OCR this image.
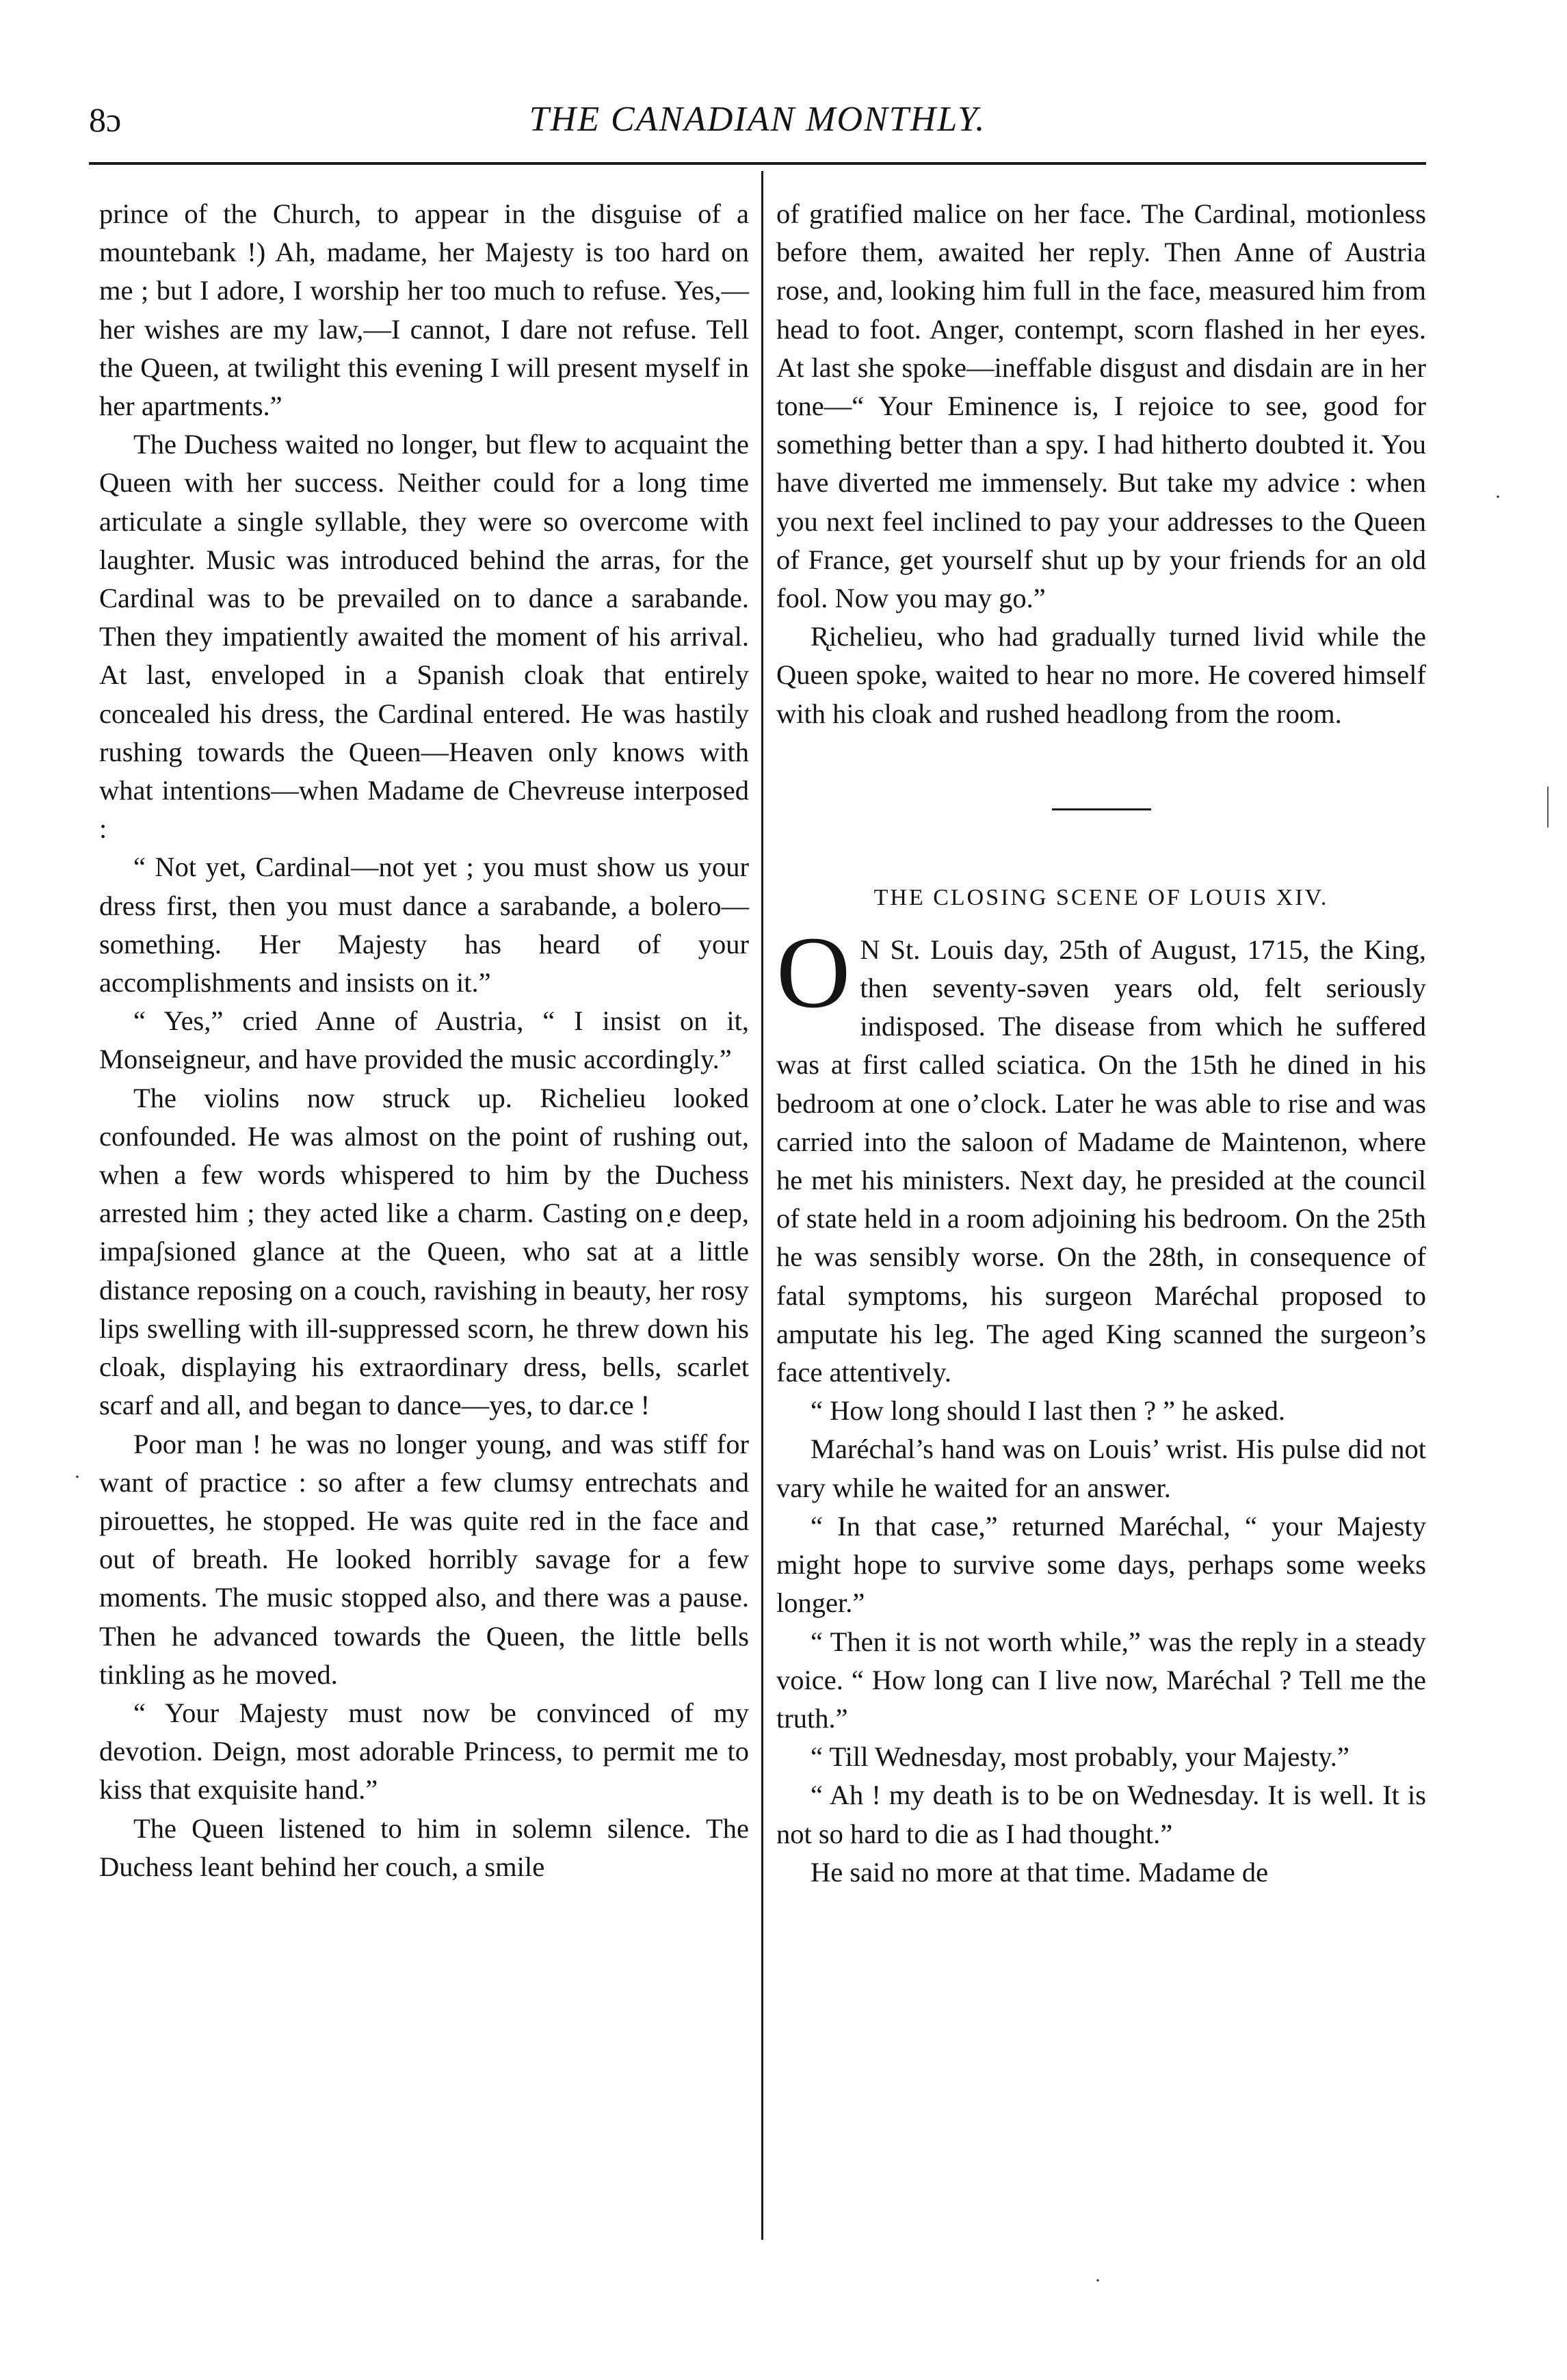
8ɔ	THE CANADIAN MONTHLY.

prince of the Church, to appear in the disguise of a mountebank !) Ah, madame, her Majesty is too hard on me ; but I adore, I worship her too much to refuse. Yes,—her wishes are my law,—I cannot, I dare not refuse. Tell the Queen, at twilight this evening I will present myself in her apartments.”

The Duchess waited no longer, but flew to acquaint the Queen with her success. Neither could for a long time articulate a single syllable, they were so overcome with laughter. Music was introduced behind the arras, for the Cardinal was to be prevailed on to dance a sarabande. Then they impatiently awaited the moment of his arrival. At last, enveloped in a Spanish cloak that entirely concealed his dress, the Cardinal entered. He was hastily rushing towards the Queen—Heaven only knows with what intentions—when Madame de Chevreuse interposed :

“ Not yet, Cardinal—not yet ; you must show us your dress first, then you must dance a sarabande, a bolero—something. Her Majesty has heard of your accomplishments and insists on it.”

“ Yes,” cried Anne of Austria, “ I insist on it, Monseigneur, and have provided the music accordingly.”

The violins now struck up. Richelieu looked confounded. He was almost on the point of rushing out, when a few words whispered to him by the Duchess arrested him ; they acted like a charm. Casting on ̣e deep, impaʃsioned glance at the Queen, who sat at a little distance reposing on a couch, ravishing in beauty, her rosy lips swelling with ill-suppressed scorn, he threw down his cloak, displaying his extraordinary dress, bells, scarlet scarf and all, and began to dance—yes, to dar.ce !

Poor man ! he was no longer young, and was stiff for want of practice : so after a few clumsy entrechats and pirouettes, he stopped. He was quite red in the face and out of breath. He looked horribly savage for a few moments. The music stopped also, and there was a pause. Then he advanced towards the Queen, the little bells tinkling as he moved.

“ Your Majesty must now be convinced of my devotion. Deign, most adorable Princess, to permit me to kiss that exquisite hand.”

The Queen listened to him in solemn silence. The Duchess leant behind her couch, a smile

of gratified malice on her face. The Cardinal, motionless before them, awaited her reply. Then Anne of Austria rose, and, looking him full in the face, measured him from head to foot. Anger, contempt, scorn flashed in her eyes. At last she spoke—ineffable disgust and disdain are in her tone—“ Your Eminence is, I rejoice to see, good for something better than a spy. I had hitherto doubted it. You have diverted me immensely. But take my advice : when you next feel inclined to pay your addresses to the Queen of France, get yourself shut up by your friends for an old fool. Now you may go.”

R̨ichelieu, who had gradually turned livid while the Queen spoke, waited to hear no more. He covered himself with his cloak and rushed headlong from the room.

THE CLOSING SCENE OF LOUIS XIV.

O N St. Louis day, 25th of August, 1715, the King, then seventy-səven years old, felt seriously indisposed. The disease from which he suffered was at first called sciatica. On the 15th he dined in his bedroom at one o’clock. Later he was able to rise and was carried into the saloon of Madame de Maintenon, where he met his ministers. Next day, he presided at the council of state held in a room adjoining his bedroom. On the 25th he was sensibly worse. On the 28th, in consequence of fatal symptoms, his surgeon Maréchal proposed to amputate his leg. The aged King scanned the surgeon’s face attentively.

“ How long should I last then ? ” he asked.

Maréchal’s hand was on Louis’ wrist. His pulse did not vary while he waited for an answer.

“ In that case,” returned Maréchal, “ your Majesty might hope to survive some days, perhaps some weeks longer.”

“ Then it is not worth while,” was the reply in a steady voice. “ How long can I live now, Maréchal ? Tell me the truth.”

“ Till Wednesday, most probably, your Majesty.”

“ Ah ! my death is to be on Wednesday. It is well. It is not so hard to die as I had thought.”

He said no more at that time. Madame de

·
·
·
